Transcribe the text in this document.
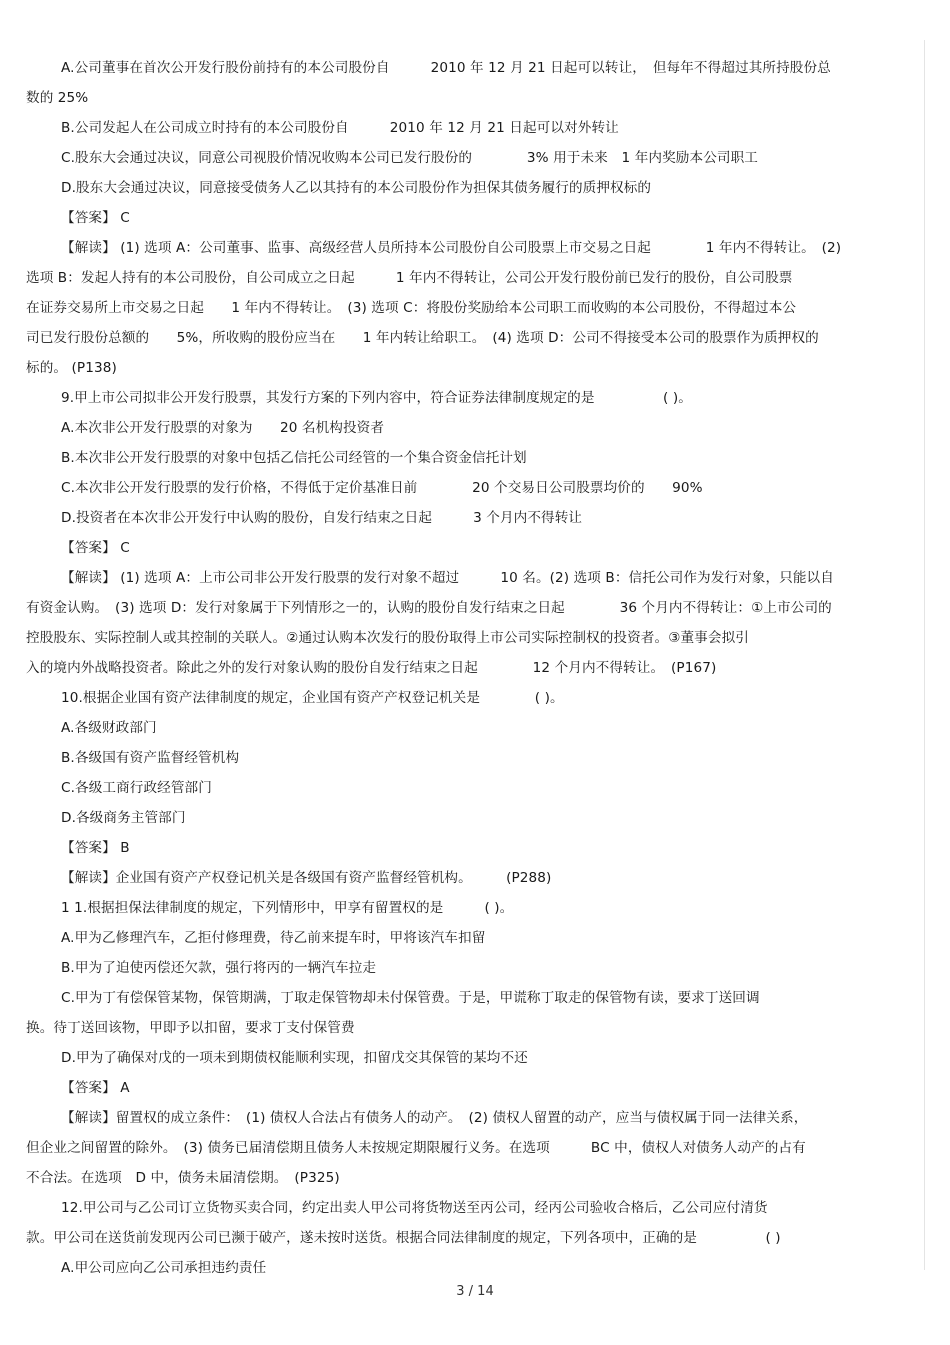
A.公司董事在首次公开发行股份前持有的本公司股份自　　　2010 年 12 月 21 日起可以转让，　但每年不得超过其所持股份总
数的 25%
B.公司发起人在公司成立时持有的本公司股份自　　　2010 年 12 月 21 日起可以对外转让
C.股东大会通过决议，同意公司视股价情况收购本公司已发行股份的　　　　3% 用于未来　1 年内奖励本公司职工
D.股东大会通过决议，同意接受债务人乙以其持有的本公司股份作为担保其债务履行的质押权标的
【答案】 C
【解读】 (1) 选项 A：公司董事、监事、高级经营人员所持本公司股份自公司股票上市交易之日起　　　　1 年内不得转让。　(2)
选项 B：发起人持有的本公司股份，自公司成立之日起　　　1 年内不得转让，公司公开发行股份前已发行的股份，自公司股票
在证券交易所上市交易之日起　　1 年内不得转让。　(3) 选项 C：将股份奖励给本公司职工而收购的本公司股份，不得超过本公
司已发行股份总额的　　5%，所收购的股份应当在　　1 年内转让给职工。　(4) 选项 D：公司不得接受本公司的股票作为质押权的
标的。 (P138)
9.甲上市公司拟非公开发行股票，其发行方案的下列内容中，符合证券法律制度规定的是　　　　　( )。
A.本次非公开发行股票的对象为　　20 名机构投资者
B.本次非公开发行股票的对象中包括乙信托公司经管的一个集合资金信托计划
C.本次非公开发行股票的发行价格，不得低于定价基准日前　　　　20 个交易日公司股票均价的　　90%
D.投资者在本次非公开发行中认购的股份，自发行结束之日起　　　3 个月内不得转让
【答案】 C
【解读】 (1) 选项 A：上市公司非公开发行股票的发行对象不超过　　　10 名。(2) 选项 B：信托公司作为发行对象，只能以自
有资金认购。　(3) 选项 D：发行对象属于下列情形之一的，认购的股份自发行结束之日起　　　　36 个月内不得转让：①上市公司的
控股股东、实际控制人或其控制的关联人。②通过认购本次发行的股份取得上市公司实际控制权的投资者。③董事会拟引
入的境内外战略投资者。除此之外的发行对象认购的股份自发行结束之日起　　　　12 个月内不得转让。　(P167)
10.根据企业国有资产法律制度的规定，企业国有资产产权登记机关是　　　　( )。
A.各级财政部门
B.各级国有资产监督经管机构
C.各级工商行政经管部门
D.各级商务主管部门
【答案】 B
【解读】企业国有资产产权登记机关是各级国有资产监督经管机构。　　　(P288)
1 1.根据担保法律制度的规定，下列情形中，甲享有留置权的是　　　( )。
A.甲为乙修理汽车，乙拒付修理费，待乙前来提车时，甲将该汽车扣留
B.甲为了迫使丙偿还欠款，强行将丙的一辆汽车拉走
C.甲为丁有偿保管某物，保管期满，丁取走保管物却未付保管费。于是，甲谎称丁取走的保管物有读，要求丁送回调
换。待丁送回该物，甲即予以扣留，要求丁支付保管费
D.甲为了确保对戊的一项未到期债权能顺利实现，扣留戊交其保管的某均不还
【答案】 A
【解读】留置权的成立条件：　(1) 债权人合法占有债务人的动产。　(2) 债权人留置的动产，应当与债权属于同一法律关系，
但企业之间留置的除外。　(3) 债务已届清偿期且债务人未按规定期限履行义务。在选项　　　BC 中，债权人对债务人动产的占有
不合法。在选项　D 中，债务未届清偿期。　(P325)
12.甲公司与乙公司订立货物买卖合同，约定出卖人甲公司将货物送至丙公司，经丙公司验收合格后，乙公司应付清货
款。甲公司在送货前发现丙公司已濒于破产，遂未按时送货。根据合同法律制度的规定，下列各项中，正确的是　　　　　( )
A.甲公司应向乙公司承担违约责任
3 / 14
